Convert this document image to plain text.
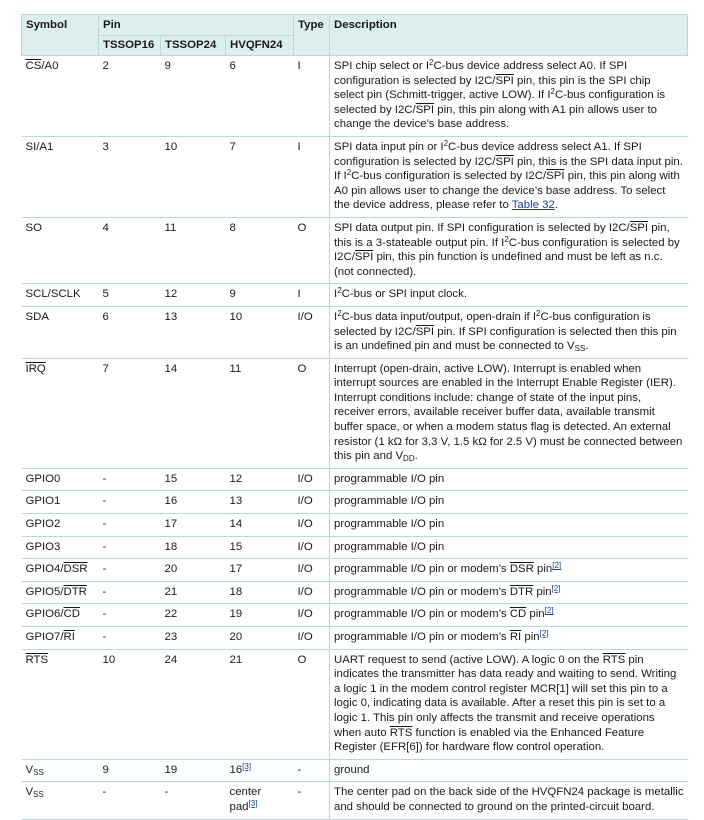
Symbol	Pin			Type	Description
	TSSOP16	TSSOP24	HVQFN24		
$\overline{CS}/A0$	2	9	6	I	SPI chip select or $I^2C$-bus device address select A0. If SPI configuration is selected by $I2C/\overline{SPI}$ pin, this pin is the SPI chip select pin (Schmitt-trigger, active LOW). If $I^2C$-bus configuration is selected by $I2C/\overline{SPI}$ pin, this pin along with A1 pin allows user to change the device’s base address.
SI/A1	3	10	7	I	SPI data input pin or $I^2C$-bus device address select A1. If SPI configuration is selected by $I2C/\overline{SPI}$ pin, this is the SPI data input pin. If $I^2C$-bus configuration is selected by $I2C/\overline{SPI}$ pin, this pin along with A0 pin allows user to change the device’s base address. To select the device address, please refer to Table 32.
SO	4	11	8	O	SPI data output pin. If SPI configuration is selected by $I2C/\overline{SPI}$ pin, this is a 3-stateable output pin. If $I^2C$-bus configuration is selected by $I2C/\overline{SPI}$ pin, this pin function is undefined and must be left as n.c. (not connected).
SCL/SCLK	5	12	9	I	$I^2C$-bus or SPI input clock.
SDA	6	13	10	I/O	$I^2C$-bus data input/output, open-drain if $I^2C$-bus configuration is selected by $I2C/\overline{SPI}$ pin. If SPI configuration is selected then this pin is an undefined pin and must be connected to $V_{SS}$.
$\overline{IRQ}$	7	14	11	O	Interrupt (open-drain, active LOW). Interrupt is enabled when interrupt sources are enabled in the Interrupt Enable Register (IER). Interrupt conditions include: change of state of the input pins, receiver errors, available receiver buffer data, available transmit buffer space, or when a modem status flag is detected. An external resistor (1 kΩ for 3.3 V, 1.5 kΩ for 2.5 V) must be connected between this pin and $V_{DD}$.
GPIO0	-	15	12	I/O	programmable I/O pin
GPIO1	-	16	13	I/O	programmable I/O pin
GPIO2	-	17	14	I/O	programmable I/O pin
GPIO3	-	18	15	I/O	programmable I/O pin
$GPIO4/\overline{DSR}$	-	20	17	I/O	programmable I/O pin or modem’s $\overline{DSR}$ pin[2]
$GPIO5/\overline{DTR}$	-	21	18	I/O	programmable I/O pin or modem’s $\overline{DTR}$ pin[2]
$GPIO6/\overline{CD}$	-	22	19	I/O	programmable I/O pin or modem’s $\overline{CD}$ pin[2]
$GPIO7/\overline{RI}$	-	23	20	I/O	programmable I/O pin or modem’s $\overline{RI}$ pin[2]
$\overline{RTS}$	10	24	21	O	UART request to send (active LOW). A logic 0 on the $\overline{RTS}$ pin indicates the transmitter has data ready and waiting to send. Writing a logic 1 in the modem control register MCR[1] will set this pin to a logic 0, indicating data is available. After a reset this pin is set to a logic 1. This pin only affects the transmit and receive operations when auto $\overline{RTS}$ function is enabled via the Enhanced Feature Register (EFR[6]) for hardware flow control operation.
$V_{SS}$	9	19	16[3]	-	ground
$V_{SS}$	-	-	center pad[3]	-	The center pad on the back side of the HVQFN24 package is metallic and should be connected to ground on the printed-circuit board.
